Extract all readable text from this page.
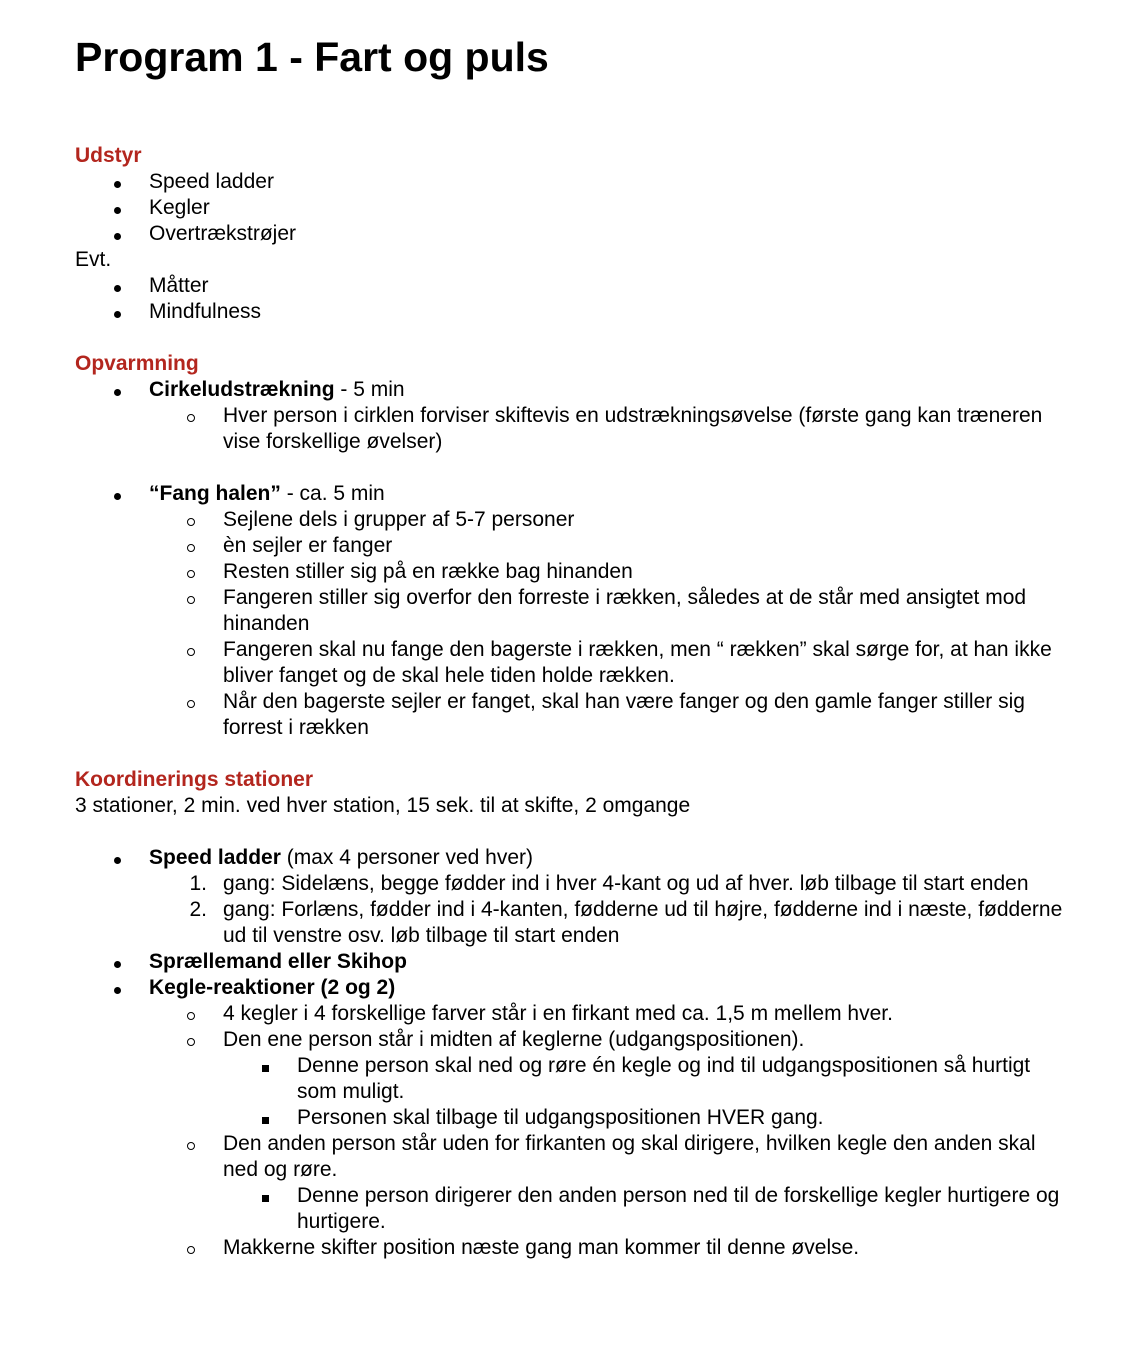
Program 1 - Fart og puls
Udstyr
Speed ladder
Kegler
Overtrækstrøjer
Evt.
Måtter
Mindfulness
Opvarmning
Cirkeludstrækning - 5 min
Hver person i cirklen forviser skiftevis en udstrækningsøvelse (første gang kan træneren vise forskellige øvelser)
“Fang halen” - ca. 5 min
Sejlene dels i grupper af 5-7 personer
èn sejler er fanger
Resten stiller sig på en række bag hinanden
Fangeren stiller sig overfor den forreste i rækken, således at de står med ansigtet mod hinanden
Fangeren skal nu fange den bagerste i rækken, men “ rækken” skal sørge for, at han ikke bliver fanget og de skal hele tiden holde rækken.
Når den bagerste sejler er fanget, skal han være fanger og den gamle fanger stiller sig forrest i rækken
Koordinerings stationer
3 stationer, 2 min. ved hver station, 15 sek. til at skifte, 2 omgange
Speed ladder (max 4 personer ved hver)
1. gang: Sidelæns, begge fødder ind i hver 4-kant og ud af hver. løb tilbage til start enden
2. gang: Forlæns, fødder ind i 4-kanten, fødderne ud til højre, fødderne ind i næste, fødderne ud til venstre osv. løb tilbage til start enden
Sprællemand eller Skihop
Kegle-reaktioner (2 og 2)
4 kegler i 4 forskellige farver står i en firkant med ca. 1,5 m mellem hver.
Den ene person står i midten af keglerne (udgangspositionen).
Denne person skal ned og røre én kegle og ind til udgangspositionen så hurtigt som muligt.
Personen skal tilbage til udgangspositionen HVER gang.
Den anden person står uden for firkanten og skal dirigere, hvilken kegle den anden skal ned og røre.
Denne person dirigerer den anden person ned til de forskellige kegler hurtigere og hurtigere.
Makkerne skifter position næste gang man kommer til denne øvelse.
